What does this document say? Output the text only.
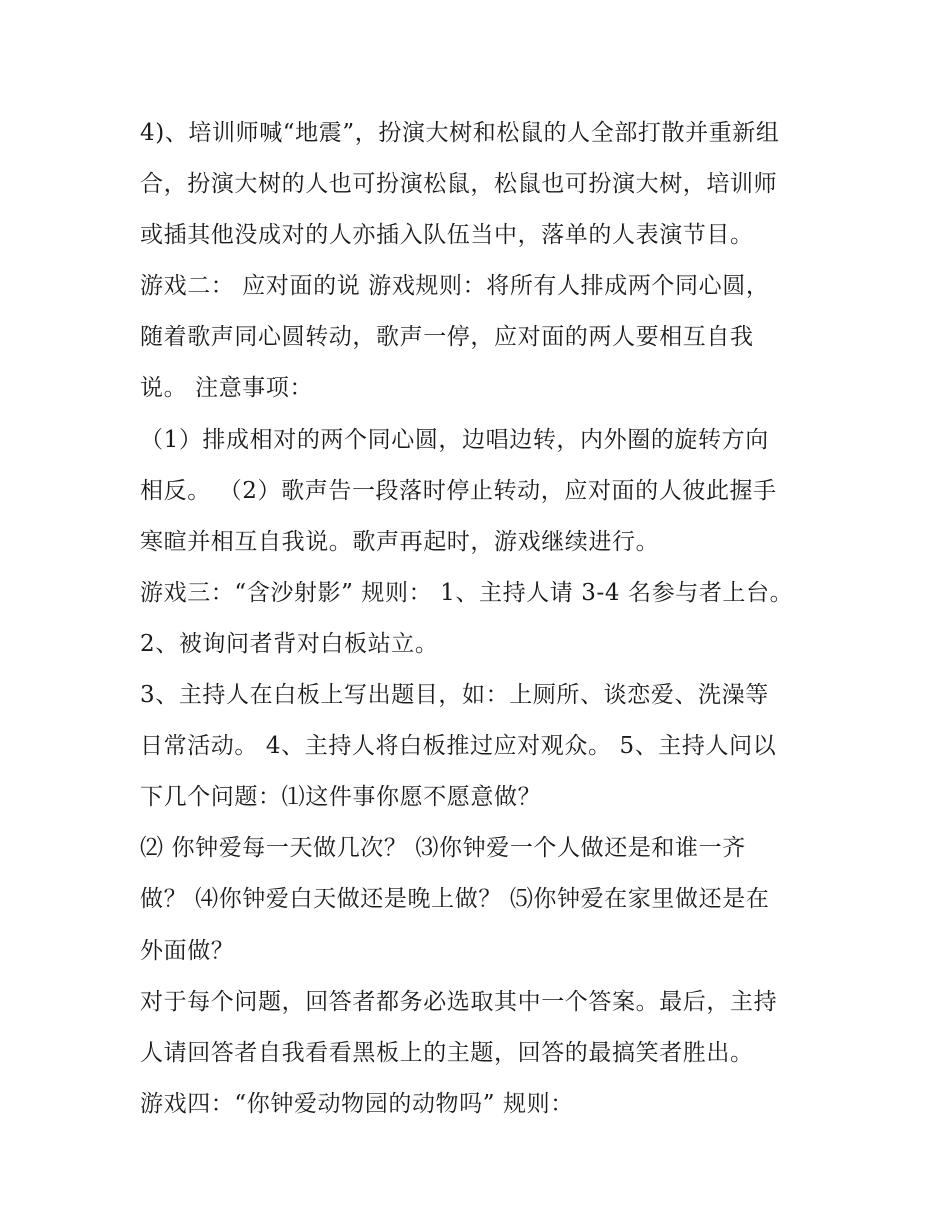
4)、培训师喊“地震”，扮演大树和松鼠的人全部打散并重新组
合，扮演大树的人也可扮演松鼠，松鼠也可扮演大树，培训师
或插其他没成对的人亦插入队伍当中，落单的人表演节目。
游戏二： 应对面的说 游戏规则：将所有人排成两个同心圆，
随着歌声同心圆转动，歌声一停，应对面的两人要相互自我
说。 注意事项：
（1）排成相对的两个同心圆，边唱边转，内外圈的旋转方向
相反。 （2）歌声告一段落时停止转动，应对面的人彼此握手
寒暄并相互自我说。歌声再起时，游戏继续进行。
游戏三：“含沙射影” 规则： 1、主持人请 3-4 名参与者上台。
2、被询问者背对白板站立。
3、主持人在白板上写出题目，如：上厕所、谈恋爱、洗澡等
日常活动。 4、主持人将白板推过应对观众。 5、主持人问以
下几个问题：⑴这件事你愿不愿意做？
⑵ 你钟爱每一天做几次？ ⑶你钟爱一个人做还是和谁一齐
做？ ⑷你钟爱白天做还是晚上做？ ⑸你钟爱在家里做还是在
外面做？
对于每个问题，回答者都务必选取其中一个答案。最后，主持
人请回答者自我看看黑板上的主题，回答的最搞笑者胜出。
游戏四：“你钟爱动物园的动物吗” 规则：
